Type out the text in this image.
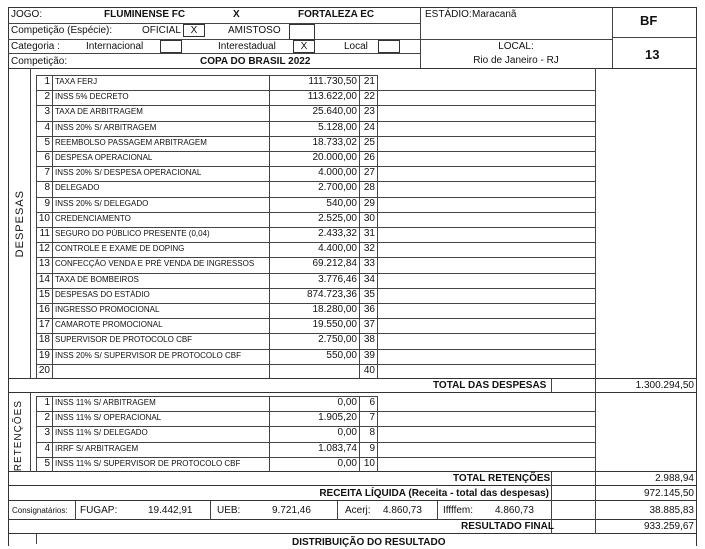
JOGO:	FLUMINENSE FC	X	FORTALEZA EC	ESTÁDIO: Maracanã	BF
13
Competição (Espécie):	OFICIAL X	AMISTOSO
Categoria :	Internacional	Interestadual	X	Local
Competição:	COPA DO BRASIL 2022
LOCAL:
Rio de Janeiro - RJ
DESPESAS
1 TAXA FERJ	111.730,50 21
2 INSS 5% DECRETO	113.622,00 22
3 TAXA DE ARBITRAGEM	25.640,00 23
4 INSS 20% S/ ARBITRAGEM	5.128,00 24
5 REEMBOLSO PASSAGEM ARBITRAGEM	18.733,02 25
6 DESPESA OPERACIONAL	20.000,00 26
7 INSS 20% S/ DESPESA OPERACIONAL	4.000,00 27
8 DELEGADO	2.700,00 28
9 INSS 20% S/ DELEGADO	540,00 29
10 CREDENCIAMENTO	2.525,00 30
11 SEGURO DO PÚBLICO PRESENTE (0,04)	2.433,32 31
12 CONTROLE E EXAME DE DOPING	4.400,00 32
13 CONFECÇÃO VENDA E PRÉ VENDA DE INGRESSOS	69.212,84 33
14 TAXA DE BOMBEIROS	3.776,46 34
15 DESPESAS DO ESTÁDIO	874.723,36 35
16 INGRESSO PROMOCIONAL	18.280,00 36
17 CAMAROTE PROMOCIONAL	19.550,00 37
18 SUPERVISOR DE PROTOCOLO CBF	2.750,00 38
19 INSS 20% S/ SUPERVISOR DE PROTOCOLO CBF	550,00 39
20	40
TOTAL DAS DESPESAS	1.300.294,50
RETENÇÕES	1 INSS 11% S/ ARBITRAGEM	0,00	6
2 INSS 11% S/ OPERACIONAL	1.905,20	7
3 INSS 11% S/ DELEGADO	0,00	8
4 IRRF S/ ARBITRAGEM	1.083,74	9
5 INSS 11% S/ SUPERVISOR DE PROTOCOLO CBF	0,00 10
TOTAL RETENÇÕES	2.988,94
RECEITA LÍQUIDA (Receita - total das despesas)	972.145,50
Consignatários: FUGAP:	19.442,91 UEB:	9.721,46	Acerj: 4.860,73 Iffffem: 4.860,73	38.885,83
RESULTADO FINAL	933.259,67
DISTRIBUIÇÃO DO RESULTADO
